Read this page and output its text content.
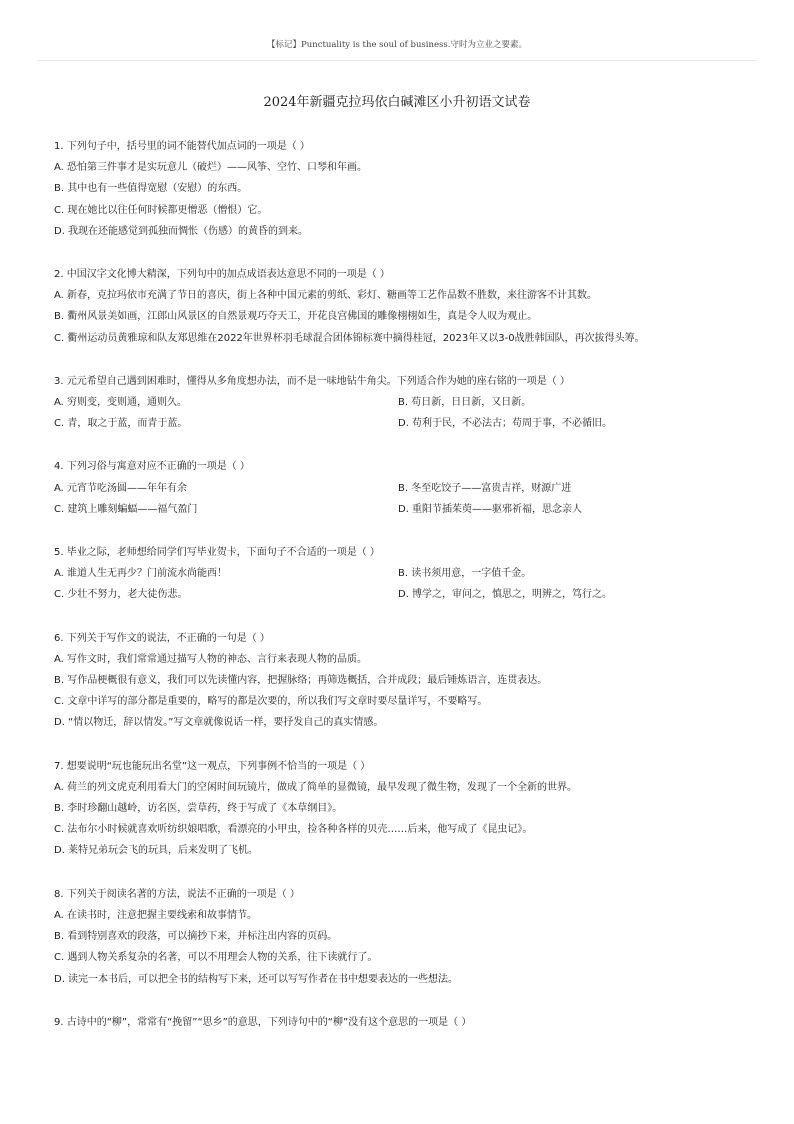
【标记】Punctuality is the soul of business.守时为立业之要素。
2024年新疆克拉玛依白碱滩区小升初语文试卷
1. 下列句子中，括号里的词不能替代加点词的一项是（ ）
A. 恐怕第三件事才是实玩意儿（破烂）——风筝、空竹、口琴和年画。
B. 其中也有一些值得宽慰（安慰）的东西。
C. 现在她比以往任何时候都更憎恶（憎恨）它。
D. 我现在还能感觉到孤独而惆怅（伤感）的黄昏的到来。
2. 中国汉字文化博大精深，下列句中的加点成语表达意思不同的一项是（ ）
A. 新春，克拉玛依市充满了节日的喜庆，街上各种中国元素的剪纸、彩灯、糖画等工艺作品数不胜数，来往游客不计其数。
B. 衢州风景美如画，江郎山风景区的自然景观巧夺天工，开花良宫佛国的雕像栩栩如生，真是令人叹为观止。
C. 衢州运动员黄雅琼和队友郑思维在2022年世界杯羽毛球混合团体锦标赛中摘得桂冠，2023年又以3-0战胜韩国队，再次拔得头筹。
3. 元元希望自己遇到困难时，懂得从多角度想办法，而不是一味地钻牛角尖。下列适合作为她的座右铭的一项是（ ）
A. 穷则变，变则通，通则久。	B. 苟日新，日日新，又日新。
C. 青，取之于蓝，而青于蓝。	D. 苟利于民，不必法古；苟周于事，不必循旧。
4. 下列习俗与寓意对应不正确的一项是（ ）
A. 元宵节吃汤圆——年年有余	B. 冬至吃饺子——富贵吉祥，财源广进
C. 建筑上雕刻蝙蝠——福气盈门	D. 重阳节插茱萸——驱邪祈福，思念亲人
5. 毕业之际，老师想给同学们写毕业贺卡，下面句子不合适的一项是（ ）
A. 谁道人生无再少？门前流水尚能西！	B. 读书须用意，一字值千金。
C. 少壮不努力，老大徒伤悲。	D. 博学之，审问之，慎思之，明辨之，笃行之。
6. 下列关于写作文的说法，不正确的一句是（ ）
A. 写作文时，我们常常通过描写人物的神态、言行来表现人物的品质。
B. 写作品梗概很有意义，我们可以先读懂内容，把握脉络；再筛选概括，合并成段；最后锤炼语言，连贯表达。
C. 文章中详写的部分都是重要的，略写的都是次要的，所以我们写文章时要尽量详写，不要略写。
D. “情以物迁，辞以情发。”写文章就像说话一样，要抒发自己的真实情感。
7. 想要说明“玩也能玩出名堂”这一观点，下列事例不恰当的一项是（ ）
A. 荷兰的列文虎克利用看大门的空闲时间玩镜片，做成了简单的显微镜，最早发现了微生物，发现了一个全新的世界。
B. 李时珍翻山越岭，访名医，尝草药，终于写成了《本草纲目》。
C. 法布尔小时候就喜欢听纺织娘唱歌，看漂亮的小甲虫，捡各种各样的贝壳……后来，他写成了《昆虫记》。
D. 莱特兄弟玩会飞的玩具，后来发明了飞机。
8. 下列关于阅读名著的方法，说法不正确的一项是（ ）
A. 在读书时，注意把握主要线索和故事情节。
B. 看到特别喜欢的段落，可以摘抄下来，并标注出内容的页码。
C. 遇到人物关系复杂的名著，可以不用理会人物的关系，往下读就行了。
D. 读完一本书后，可以把全书的结构写下来，还可以写写作者在书中想要表达的一些想法。
9. 古诗中的“柳”，常常有“挽留”“思乡”的意思，下列诗句中的“柳”没有这个意思的一项是（ ）
